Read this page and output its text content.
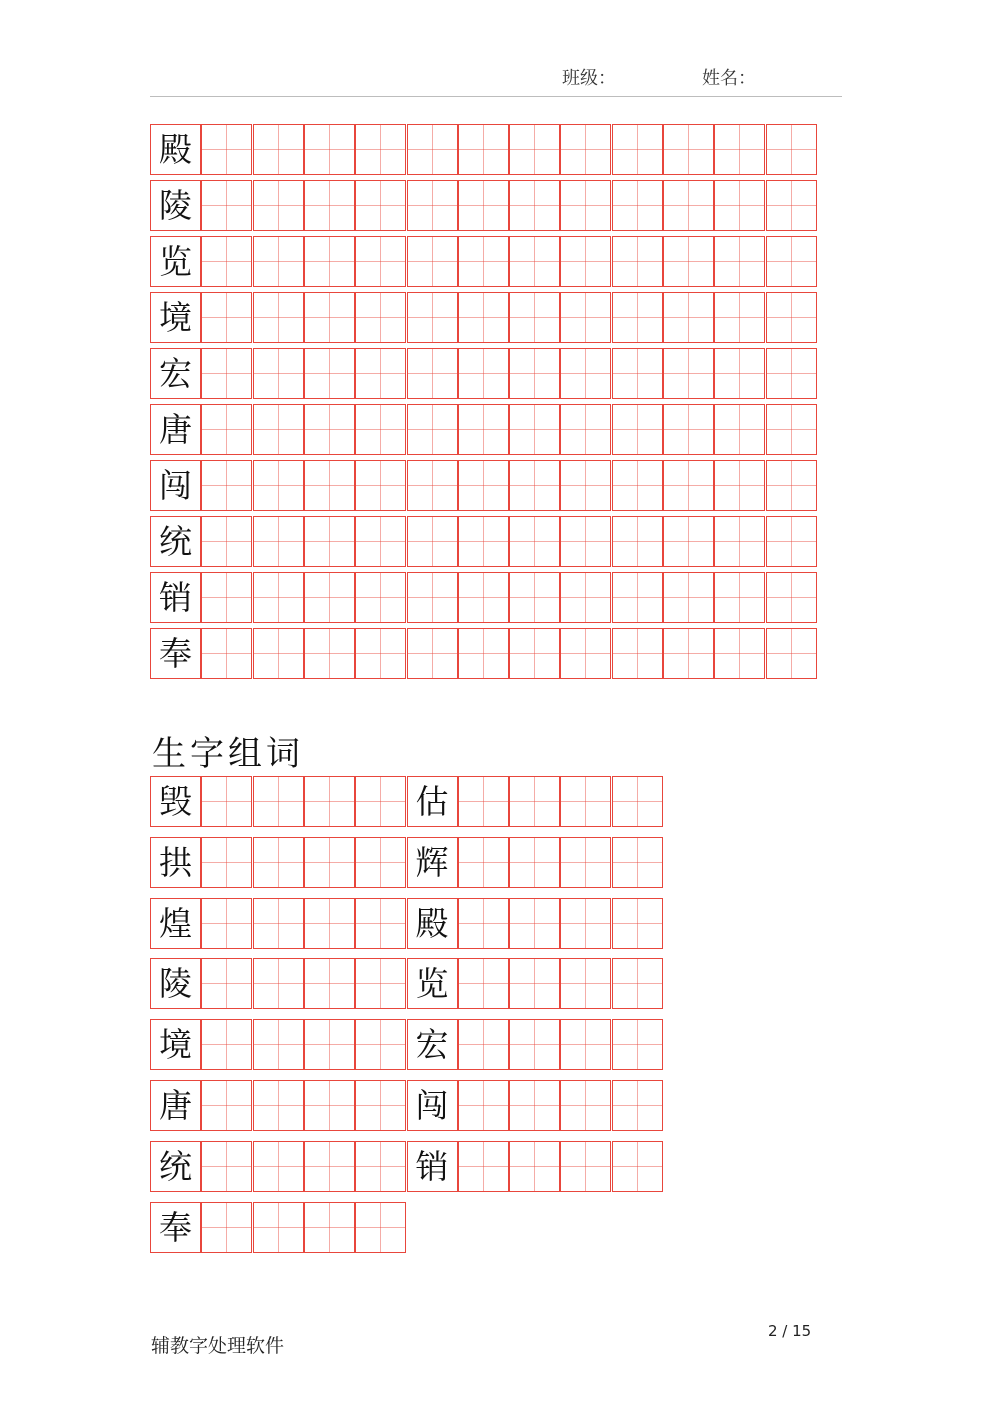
班级：	姓名：
殿
陵
览
境
宏
唐
闯
统
销
奉
生字组词
毁	估
拱	辉
煌	殿
陵	览
境	宏
唐	闯
统	销
奉
辅教字处理软件
2 / 15
